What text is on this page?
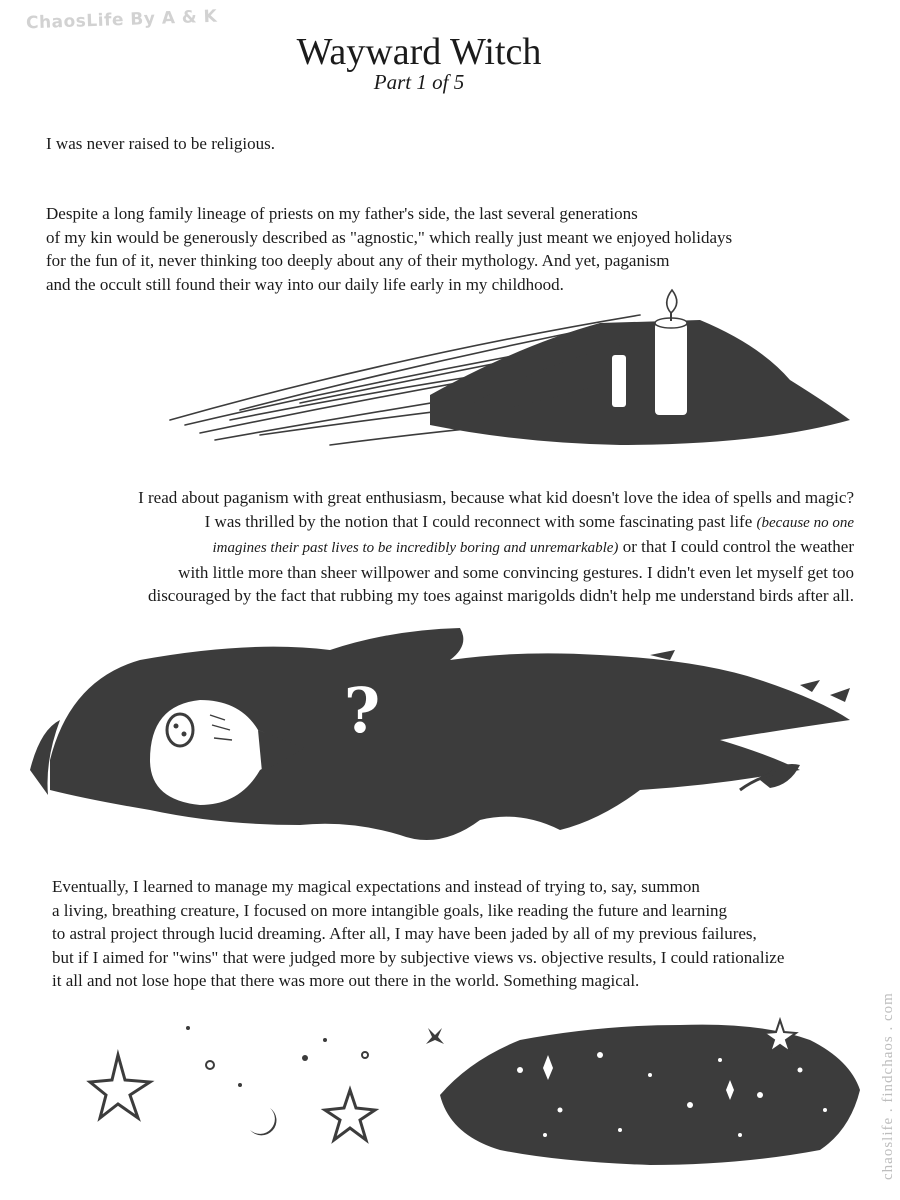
ChaosLife By A & K
Wayward Witch
Part 1 of 5

I was never raised to be religious.

Despite a long family lineage of priests on my father's side, the last several generations
of my kin would be generously described as "agnostic," which really just meant we enjoyed holidays
for the fun of it, never thinking too deeply about any of their mythology. And yet, paganism
and the occult still found their way into our daily life early in my childhood.

I read about paganism with great enthusiasm, because what kid doesn't love the idea of spells and magic?
I was thrilled by the notion that I could reconnect with some fascinating past life (because no one
imagines their past lives to be incredibly boring and unremarkable) or that I could control the weather
with little more than sheer willpower and some convincing gestures. I didn't even let myself get too
discouraged by the fact that rubbing my toes against marigolds didn't help me understand birds after all.

?

Eventually, I learned to manage my magical expectations and instead of trying to, say, summon
a living, breathing creature, I focused on more intangible goals, like reading the future and learning
to astral project through lucid dreaming. After all, I may have been jaded by all of my previous failures,
but if I aimed for "wins" that were judged more by subjective views vs. objective results, I could rationalize
it all and not lose hope that there was more out there in the world. Something magical.

chaoslife . findchaos . com
